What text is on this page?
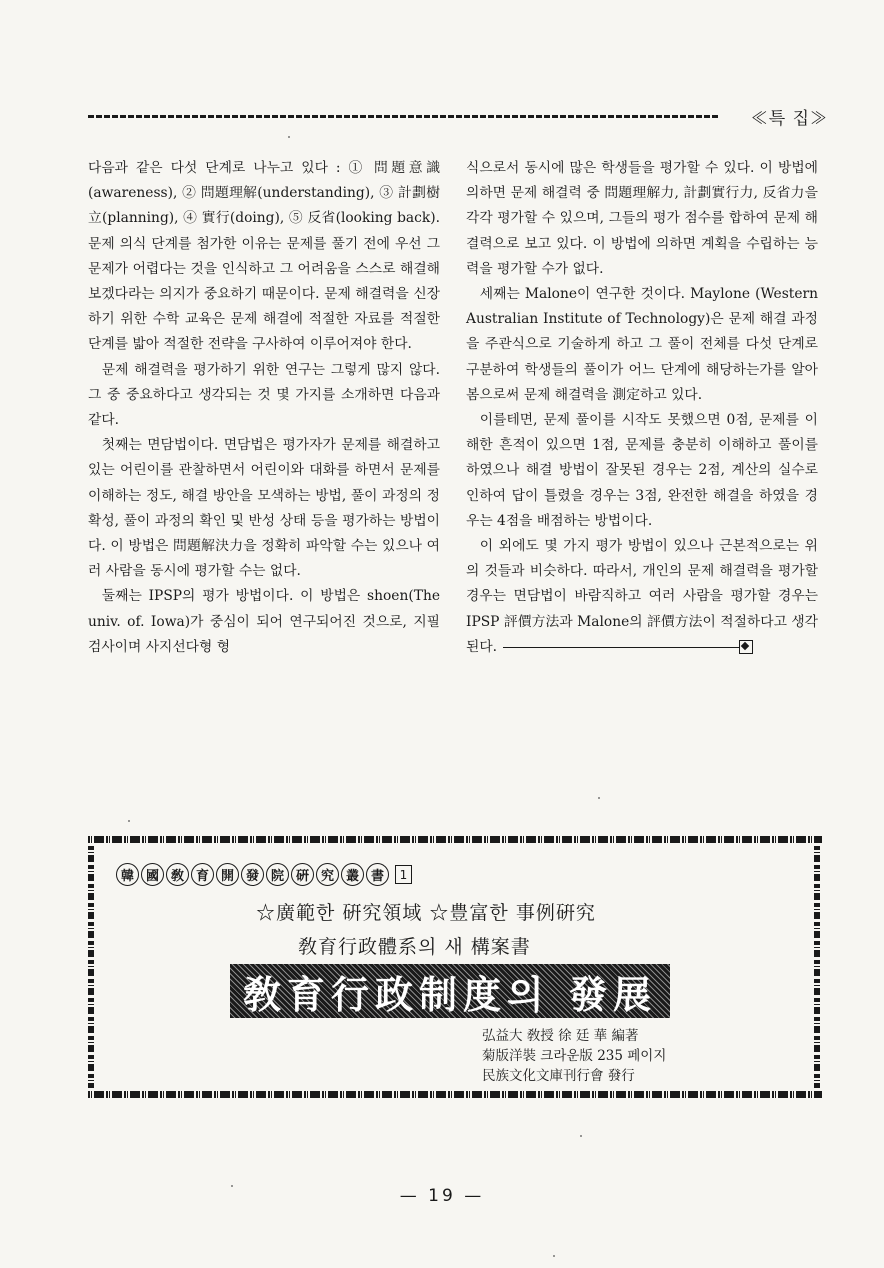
≪특 집≫

다음과 같은 다섯 단계로 나누고 있다 : ① 問題意識(awareness), ② 問題理解(understanding), ③ 計劃樹立(planning), ④ 實行(doing), ⑤ 反省(looking back). 문제 의식 단계를 첨가한 이유는 문제를 풀기 전에 우선 그 문제가 어렵다는 것을 인식하고 그 어려움을 스스로 해결해 보겠다라는 의지가 중요하기 때문이다. 문제 해결력을 신장하기 위한 수학 교육은 문제 해결에 적절한 자료를 적절한 단계를 밟아 적절한 전략을 구사하여 이루어져야 한다.

문제 해결력을 평가하기 위한 연구는 그렇게 많지 않다. 그 중 중요하다고 생각되는 것 몇 가지를 소개하면 다음과 같다.

첫째는 면담법이다. 면담법은 평가자가 문제를 해결하고 있는 어린이를 관찰하면서 어린이와 대화를 하면서 문제를 이해하는 정도, 해결 방안을 모색하는 방법, 풀이 과정의 정확성, 풀이 과정의 확인 및 반성 상태 등을 평가하는 방법이다. 이 방법은 問題解決力을 정확히 파악할 수는 있으나 여러 사람을 동시에 평가할 수는 없다.

둘째는 IPSP의 평가 방법이다. 이 방법은 shoen(The univ. of. Iowa)가 중심이 되어 연구되어진 것으로, 지필 검사이며 사지선다형 형

식으로서 동시에 많은 학생들을 평가할 수 있다. 이 방법에 의하면 문제 해결력 중 問題理解力, 計劃實行力, 反省力을 각각 평가할 수 있으며, 그들의 평가 점수를 합하여 문제 해결력으로 보고 있다. 이 방법에 의하면 계획을 수립하는 능력을 평가할 수가 없다.

세째는 Malone이 연구한 것이다. Maylone (Western Australian Institute of Technology)은 문제 해결 과정을 주관식으로 기술하게 하고 그 풀이 전체를 다섯 단계로 구분하여 학생들의 풀이가 어느 단계에 해당하는가를 알아봄으로써 문제 해결력을 測定하고 있다.

이를테면, 문제 풀이를 시작도 못했으면 0점, 문제를 이해한 흔적이 있으면 1점, 문제를 충분히 이해하고 풀이를 하였으나 해결 방법이 잘못된 경우는 2점, 계산의 실수로 인하여 답이 틀렸을 경우는 3점, 완전한 해결을 하였을 경우는 4점을 배점하는 방법이다.

이 외에도 몇 가지 평가 방법이 있으나 근본적으로는 위의 것들과 비슷하다. 따라서, 개인의 문제 해결력을 평가할 경우는 면담법이 바람직하고 여러 사람을 평가할 경우는 IPSP 評價方法과 Malone의 評價方法이 적절하다고 생각된다.

韓 國 敎 育 開 發 院 硏 究 叢 書	1
☆廣範한 硏究領域 ☆豊富한 事例硏究
敎育行政體系의 새 構案書
敎育行政制度의 發展
弘益大 敎授 徐 廷 華 編著
菊版洋裝 크라운版 235 페이지
民族文化文庫刊行會 發行
— 19 —
